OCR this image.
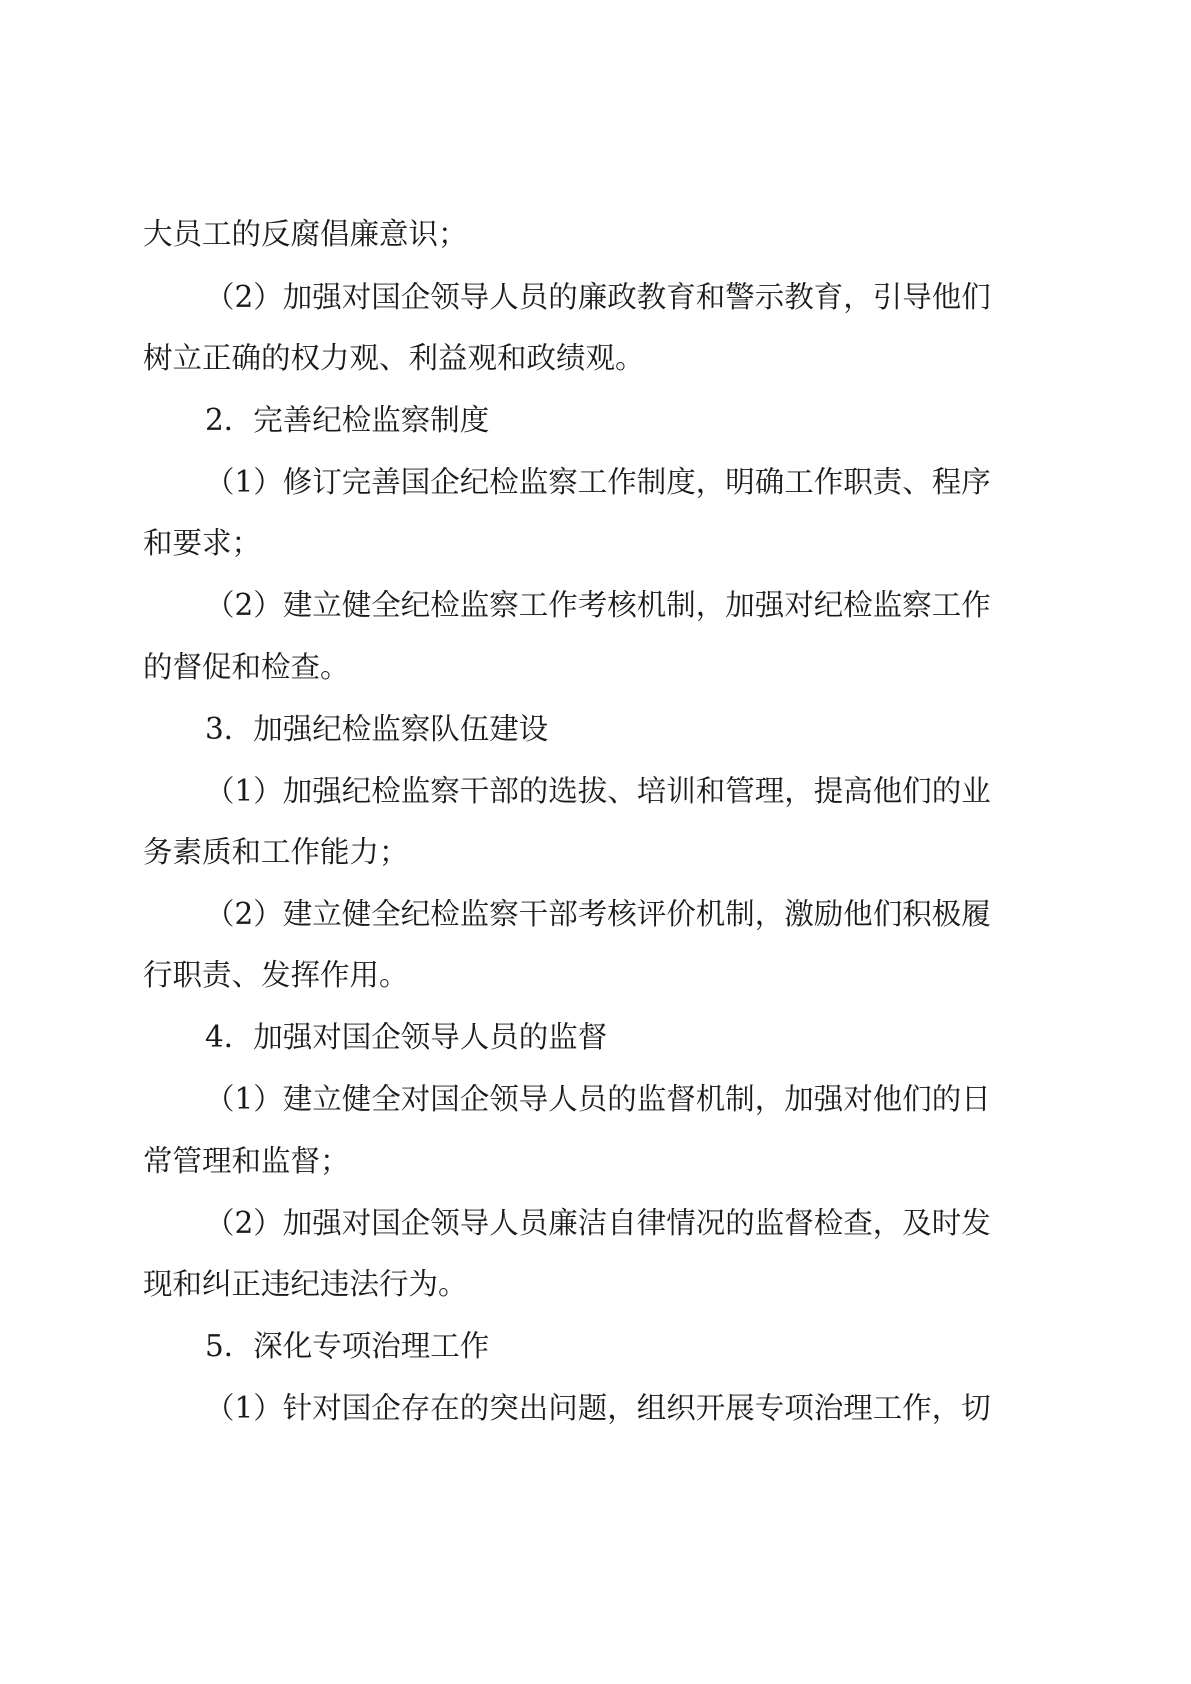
大员工的反腐倡廉意识；
（2）加强对国企领导人员的廉政教育和警示教育，引导他们
树立正确的权力观、利益观和政绩观。
2．完善纪检监察制度
（1）修订完善国企纪检监察工作制度，明确工作职责、程序
和要求；
（2）建立健全纪检监察工作考核机制，加强对纪检监察工作
的督促和检查。
3．加强纪检监察队伍建设
（1）加强纪检监察干部的选拔、培训和管理，提高他们的业
务素质和工作能力；
（2）建立健全纪检监察干部考核评价机制，激励他们积极履
行职责、发挥作用。
4．加强对国企领导人员的监督
（1）建立健全对国企领导人员的监督机制，加强对他们的日
常管理和监督；
（2）加强对国企领导人员廉洁自律情况的监督检查，及时发
现和纠正违纪违法行为。
5．深化专项治理工作
（1）针对国企存在的突出问题，组织开展专项治理工作，切
